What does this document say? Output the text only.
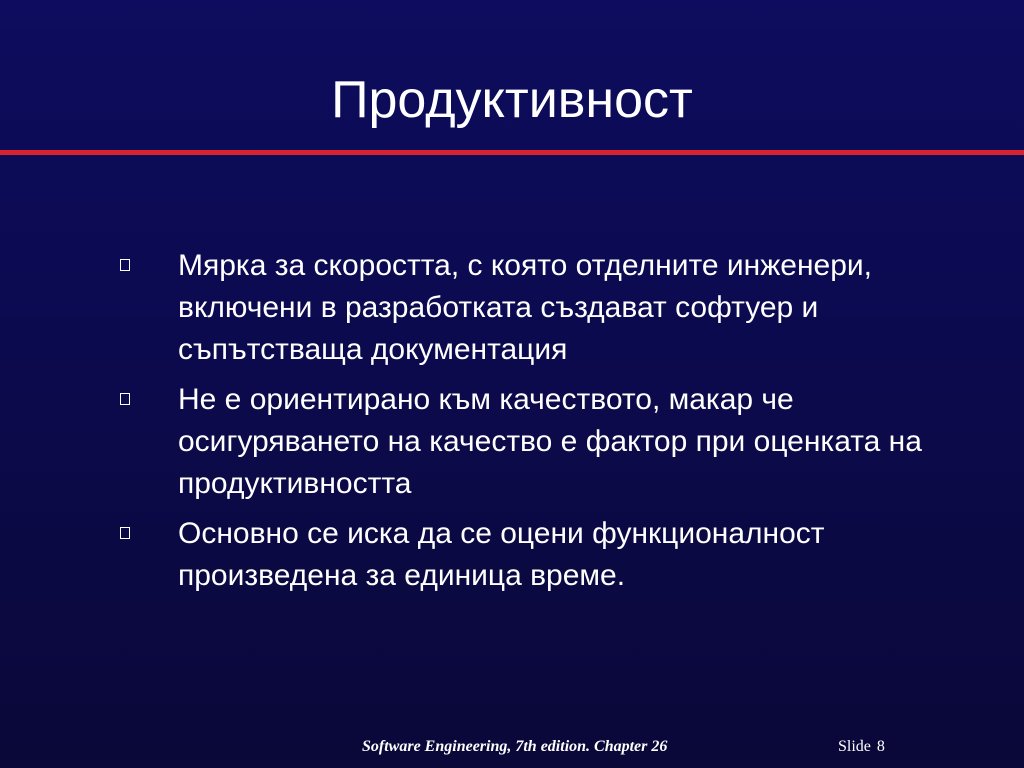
Продуктивност
Мярка за скоростта, с която отделните инженери, включени в разработката създават софтуер и съпътстваща документация
Не е ориентирано към качеството, макар че осигуряването на качество е фактор при оценката на продуктивността
Основно се иска да се оцени функционалност произведена за единица време.
Software Engineering, 7th edition. Chapter 26	Slide 8
